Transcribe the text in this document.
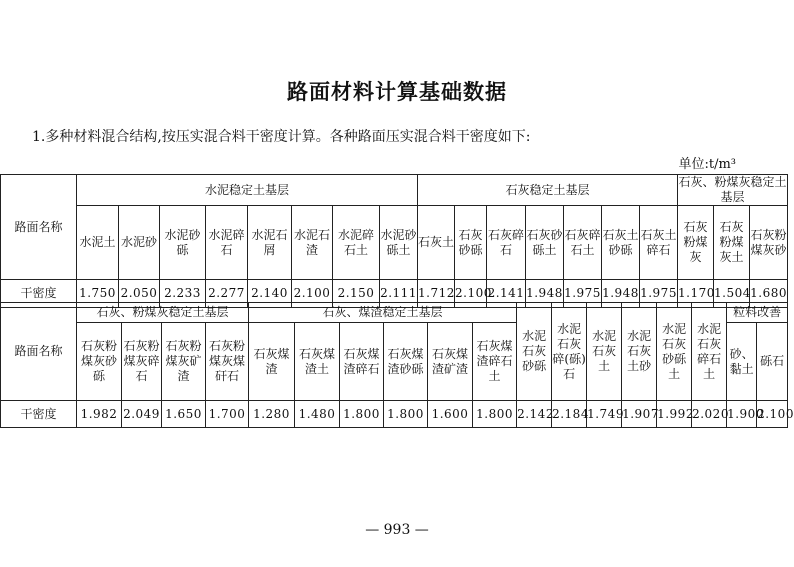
路面材料计算基础数据
1.多种材料混合结构,按压实混合料干密度计算。各种路面压实混合料干密度如下:
单位:t/m³
路面名称	水泥稳定土基层								石灰稳定土基层							石灰、粉煤灰稳定土基层		
	水泥土	水泥砂	水泥砂砾	水泥碎石	水泥石屑	水泥石渣	水泥碎石土	水泥砂砾土	石灰土	石灰砂砾	石灰碎石	石灰砂砾土	石灰碎石土	石灰土砂砾	石灰土碎石	石灰粉煤灰	石灰粉煤灰土	石灰粉煤灰砂
干密度	1.750	2.050	2.233	2.277	2.140	2.100	2.150	2.111	1.712	2.100	2.141	1.948	1.975	1.948	1.975	1.170	1.504	1.680
路面名称	石灰、粉煤灰稳定土基层				石灰、煤渣稳定土基层						水泥石灰砂砾	水泥石灰碎(砾)石	水泥石灰土	水泥石灰土砂	水泥石灰砂砾土	水泥石灰碎石土	粒料改善	
	石灰粉煤灰砂砾	石灰粉煤灰碎石	石灰粉煤灰矿渣	石灰粉煤灰煤矸石	石灰煤渣	石灰煤渣土	石灰煤渣碎石	石灰煤渣砂砾	石灰煤渣矿渣	石灰煤渣碎石土							砂、黏土	砾石
干密度	1.982	2.049	1.650	1.700	1.280	1.480	1.800	1.800	1.600	1.800	2.142	2.184	1.749	1.907	1.992	2.020	1.900	2.100
— 993 —
